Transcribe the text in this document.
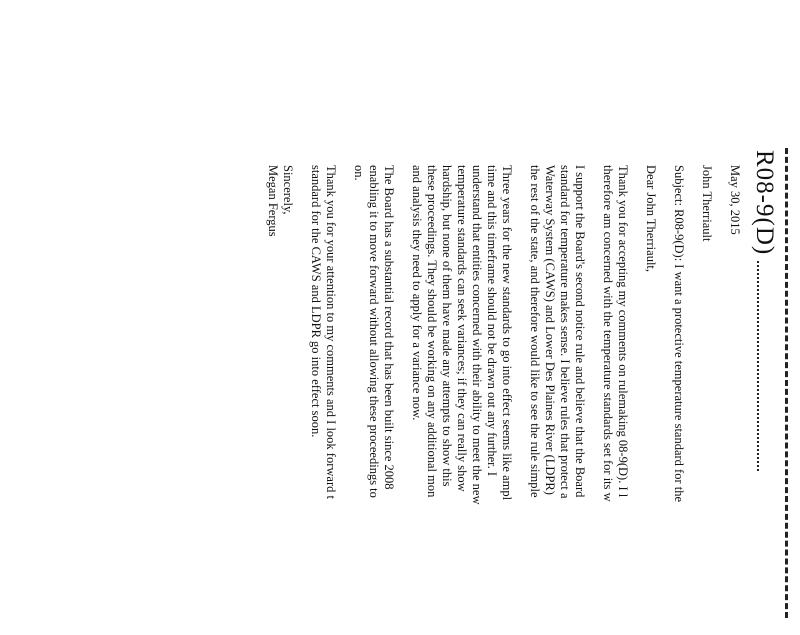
R08-9(D)

May 30, 2015

John Therriault

Subject: R08-9(D): I want a protective temperature standard for the

Dear John Therriault,

Thank you for accepting my comments on rulemaking 08-9(D). I l
therefore am concerned with the temperature standards set for its w

I support the Board's second notice rule and believe that the Board
standard for temperature makes sense. I believe rules that protect a
Waterway System (CAWS) and Lower Des Plaines River (LDPR)
the rest of the state, and therefore would like to see the rule simple

Three years for the new standards to go into effect seems like ampl
time and this timeframe should not be drawn out any further. I
understand that entities concerned with their ability to meet the new
temperature standards can seek variances; if they can really show
hardship, but none of them have made any attempts to show this
these proceedings. They should be working on any additional mon
and analysis they need to apply for a variance now.

The Board has a substantial record that has been built since 2008
enabling it to move forward without allowing these proceedings to
on.

Thank you for your attention to my comments and I look forward t
standard for the CAWS and LDPR go into effect soon.

Sincerely,

Megan Fergus
